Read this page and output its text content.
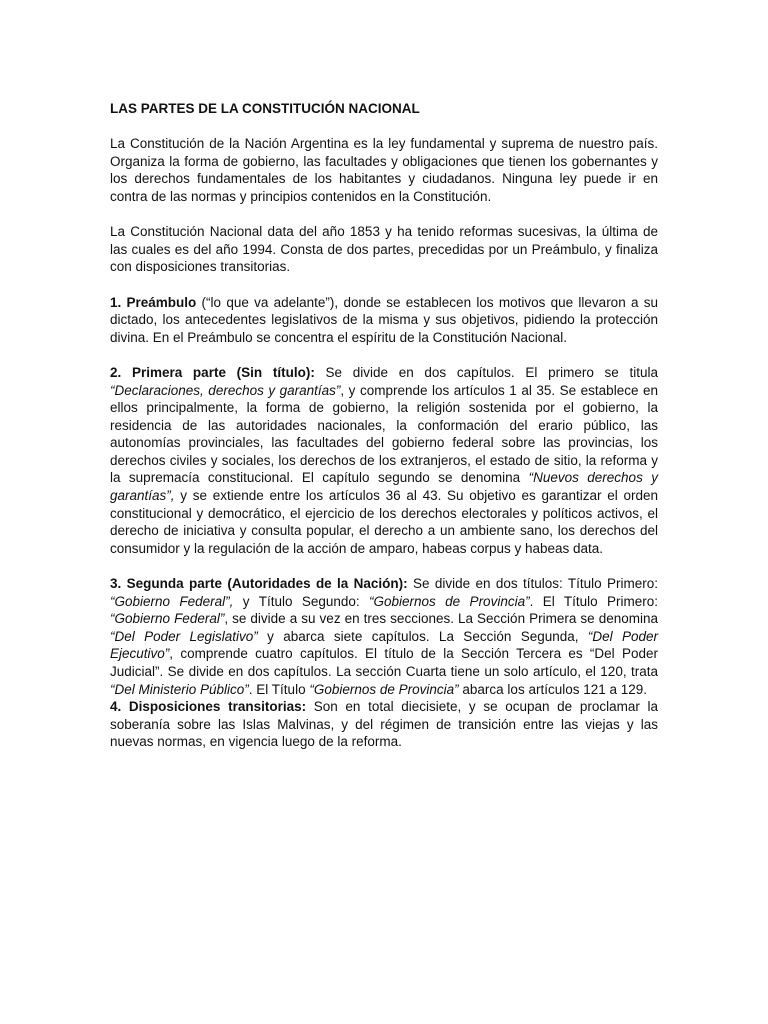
LAS PARTES DE LA CONSTITUCIÓN NACIONAL

La Constitución de la Nación Argentina es la ley fundamental y suprema de nuestro país. Organiza la forma de gobierno, las facultades y obligaciones que tienen los gobernantes y los derechos fundamentales de los habitantes y ciudadanos. Ninguna ley puede ir en contra de las normas y principios contenidos en la Constitución.

La Constitución Nacional data del año 1853 y ha tenido reformas sucesivas, la última de las cuales es del año 1994. Consta de dos partes, precedidas por un Preámbulo, y finaliza con disposiciones transitorias.

1. Preámbulo (“lo que va adelante”), donde se establecen los motivos que llevaron a su dictado, los antecedentes legislativos de la misma y sus objetivos, pidiendo la protección divina. En el Preámbulo se concentra el espíritu de la Constitución Nacional.

2. Primera parte (Sin título): Se divide en dos capítulos. El primero se titula “Declaraciones, derechos y garantías”, y comprende los artículos 1 al 35. Se establece en ellos principalmente, la forma de gobierno, la religión sostenida por el gobierno, la residencia de las autoridades nacionales, la conformación del erario público, las autonomías provinciales, las facultades del gobierno federal sobre las provincias, los derechos civiles y sociales, los derechos de los extranjeros, el estado de sitio, la reforma y la supremacía constitucional. El capítulo segundo se denomina “Nuevos derechos y garantías”, y se extiende entre los artículos 36 al 43. Su objetivo es garantizar el orden constitucional y democrático, el ejercicio de los derechos electorales y políticos activos, el derecho de iniciativa y consulta popular, el derecho a un ambiente sano, los derechos del consumidor y la regulación de la acción de amparo, habeas corpus y habeas data.

3. Segunda parte (Autoridades de la Nación): Se divide en dos títulos: Título Primero: “Gobierno Federal”, y Título Segundo: “Gobiernos de Provincia”. El Título Primero: “Gobierno Federal”, se divide a su vez en tres secciones. La Sección Primera se denomina “Del Poder Legislativo” y abarca siete capítulos. La Sección Segunda, “Del Poder Ejecutivo”, comprende cuatro capítulos. El título de la Sección Tercera es “Del Poder Judicial”. Se divide en dos capítulos. La sección Cuarta tiene un solo artículo, el 120, trata “Del Ministerio Público”. El Título “Gobiernos de Provincia” abarca los artículos 121 a 129.

4. Disposiciones transitorias: Son en total diecisiete, y se ocupan de proclamar la soberanía sobre las Islas Malvinas, y del régimen de transición entre las viejas y las nuevas normas, en vigencia luego de la reforma.
